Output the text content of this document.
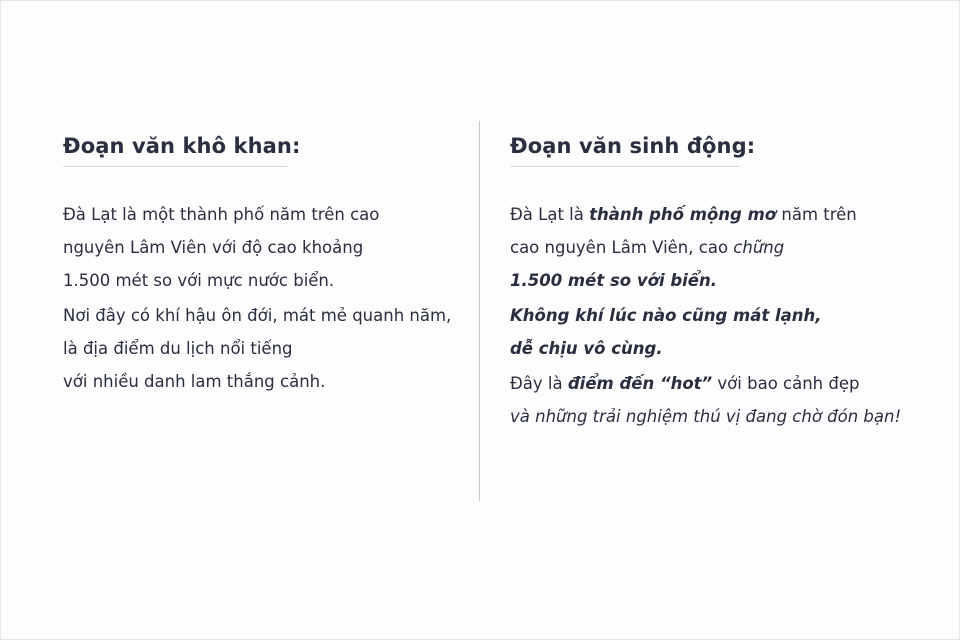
Đoạn văn khô khan:
Đà Lạt là một thành phố năm trên cao
nguyên Lâm Viên với độ cao khoảng
1.500 mét so với mực nước biển.
Nơi đây có khí hậu ôn đới, mát mẻ quanh năm,
là địa điểm du lịch nổi tiếng
với nhiều danh lam thắng cảnh.
Đoạn văn sinh động:
Đà Lạt là thành phố mộng mơ năm trên
cao nguyên Lâm Viên, cao chững
1.500 mét so với biển.
Không khí lúc nào cũng mát lạnh,
dễ chịu vô cùng.
Đây là điểm đến “hot” với bao cảnh đẹp
và những trải nghiệm thú vị đang chờ đón bạn!
